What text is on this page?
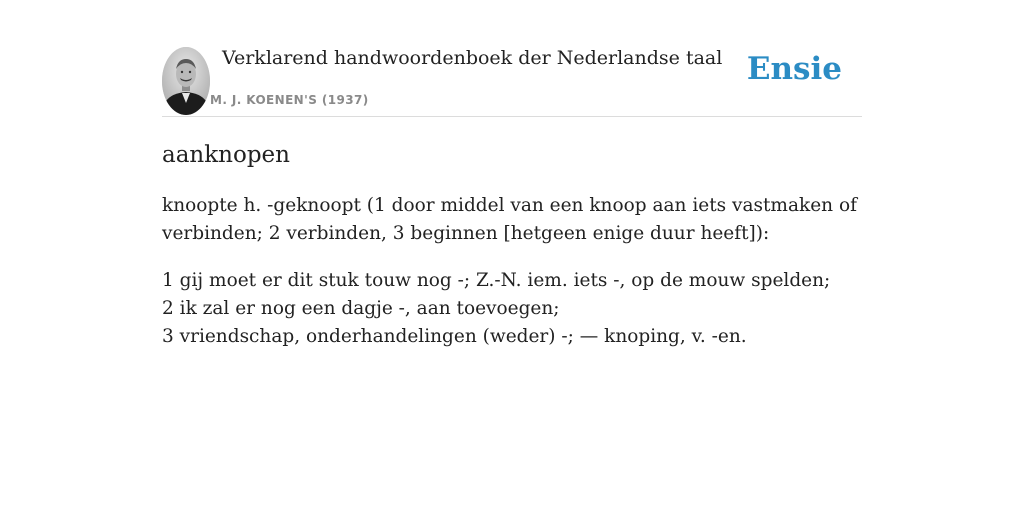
Verklarend handwoordenboek der Nederlandse taal
M. J. KOENEN'S (1937)
Ensie
aanknopen

knoopte h. -geknoopt (1 door middel van een knoop aan iets vastmaken of verbinden; 2 verbinden, 3 beginnen [hetgeen enige duur heeft]):

1 gij moet er dit stuk touw nog -; Z.-N. iem. iets -, op de mouw spelden;
2 ik zal er nog een dagje -, aan toevoegen;
3 vriendschap, onderhandelingen (weder) -; — knoping, v. -en.
